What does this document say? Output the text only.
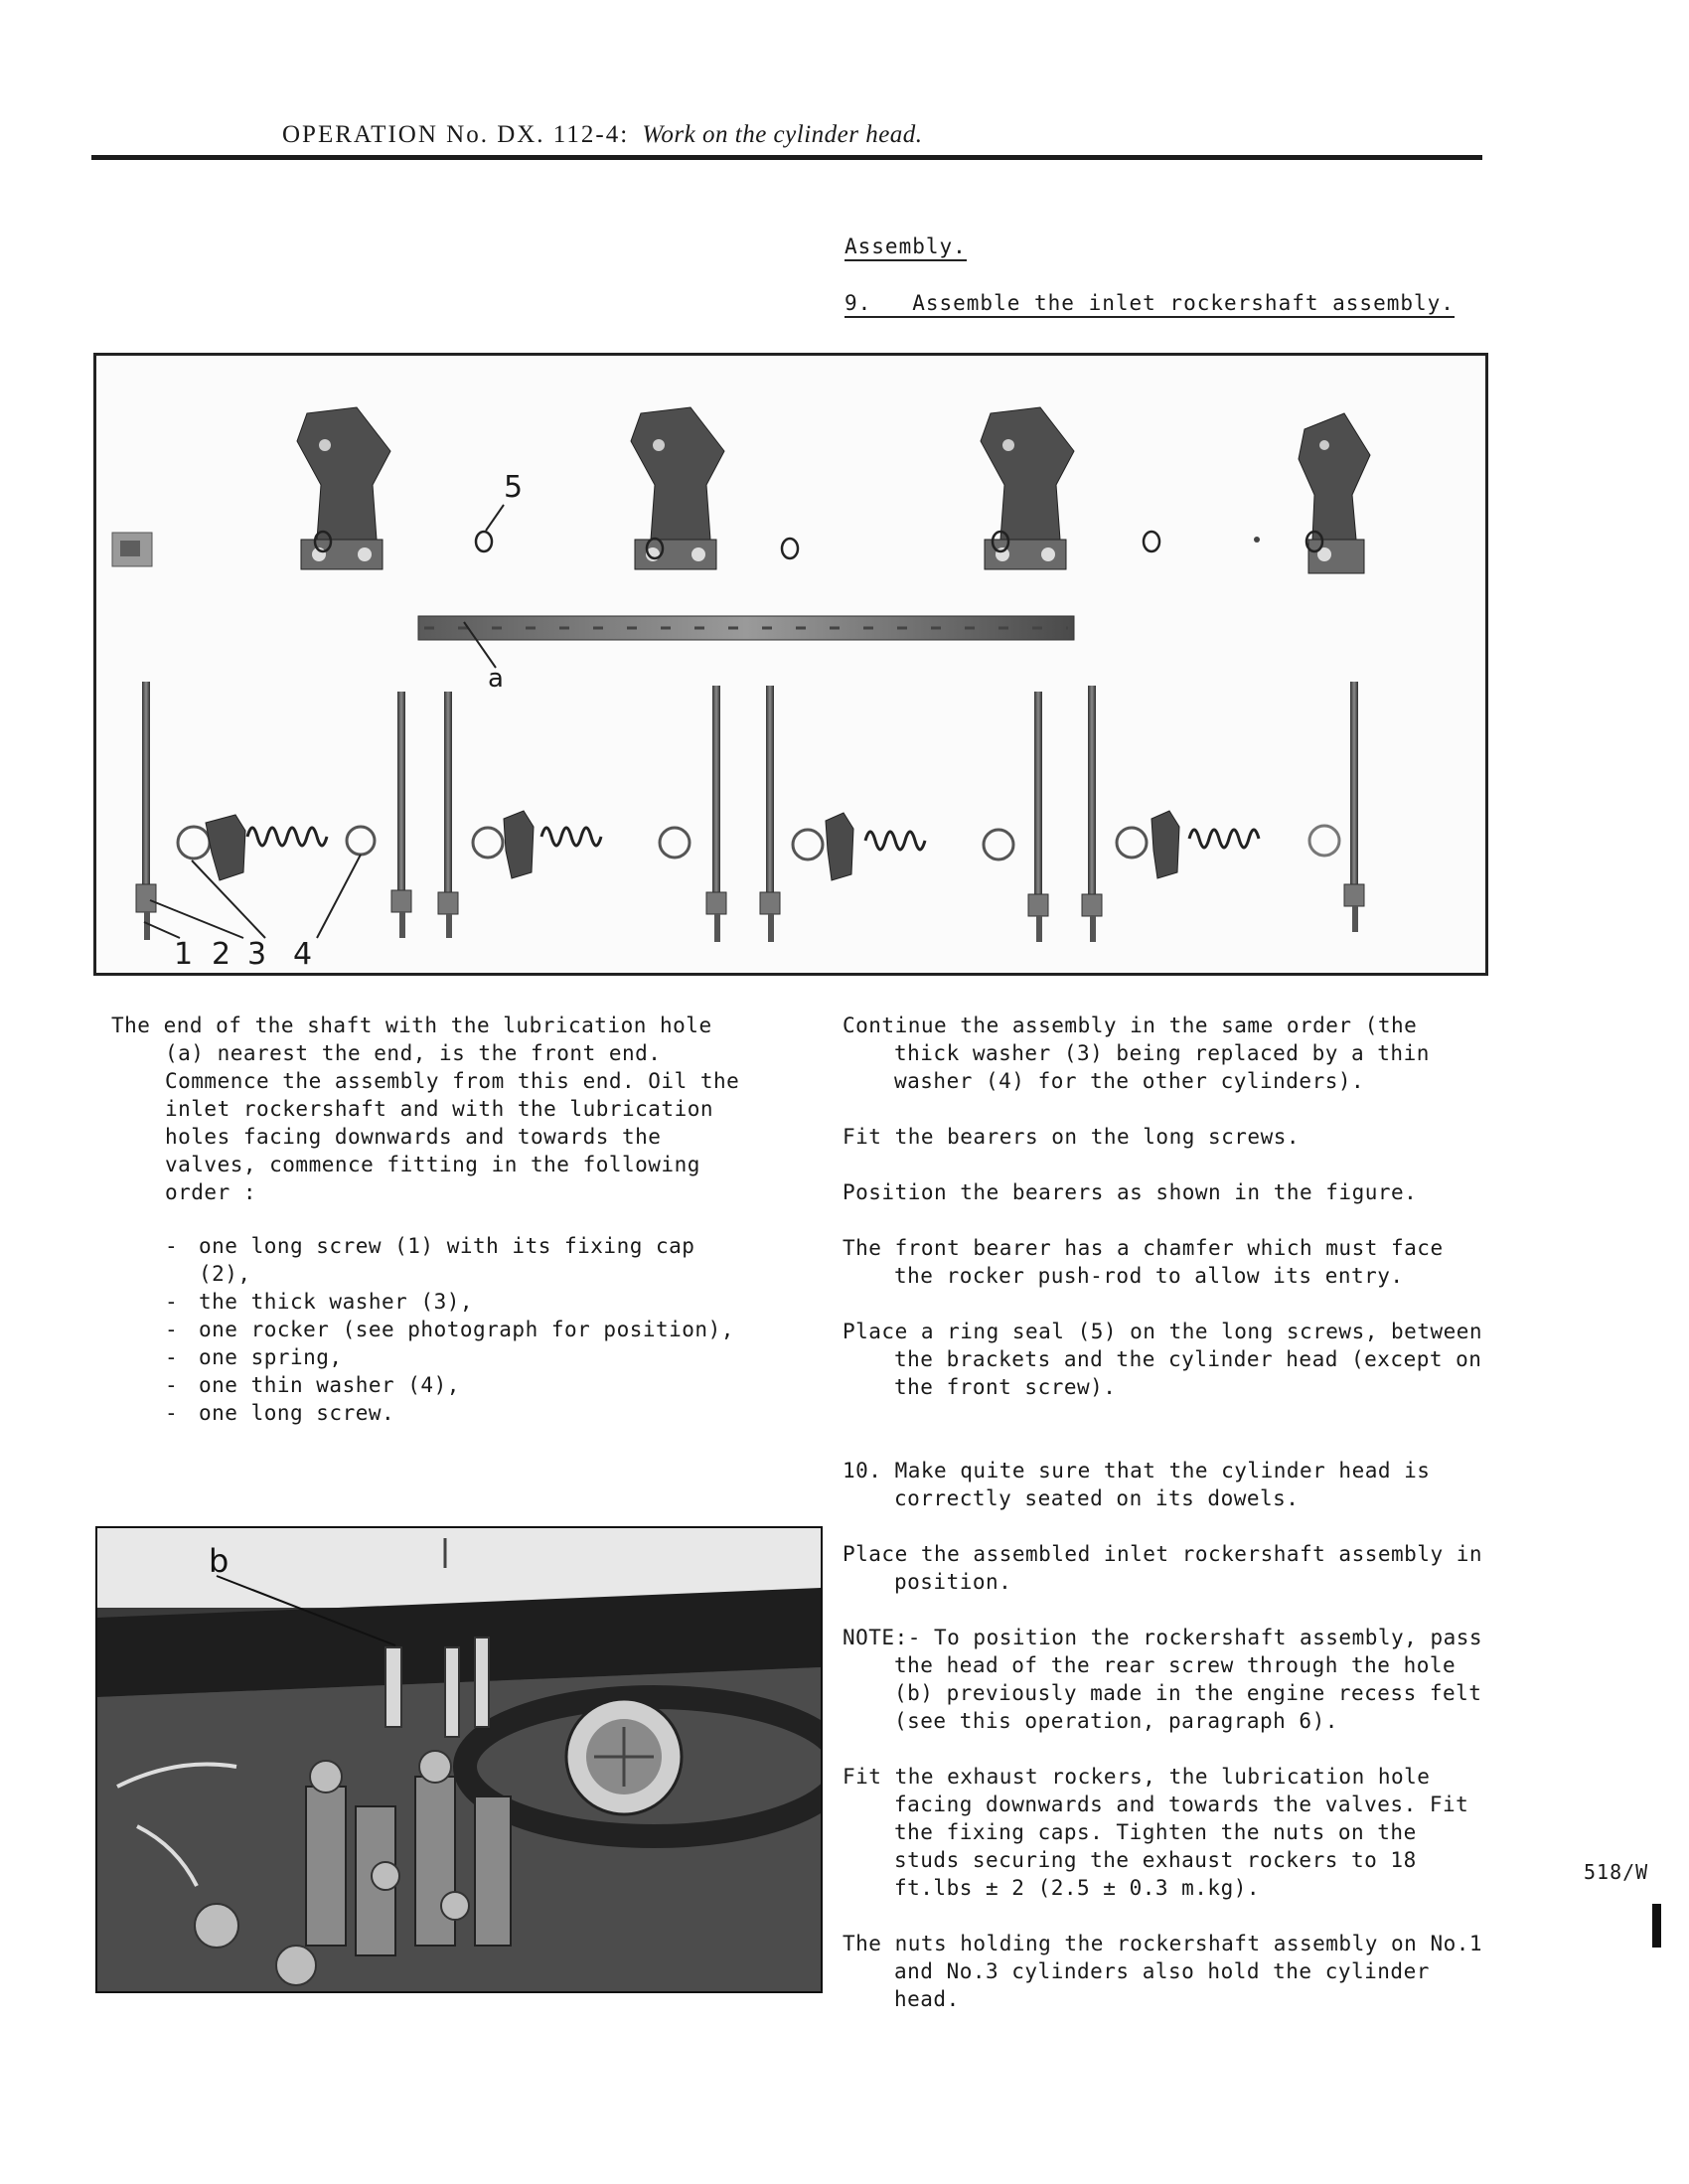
OPERATION No. DX. 112-4: Work on the cylinder head.
Assembly.
9.   Assemble the inlet rockershaft assembly.
5
a
1 2 3 4

The end of the shaft with the lubrication hole (a) nearest the end, is the front end. Commence the assembly from this end. Oil the inlet rockershaft and with the lubrication holes facing downwards and towards the valves, commence fitting in the following order :

- one long screw (1) with its fixing cap (2),
- the thick washer (3),
- one rocker (see photograph for position),
- one spring,
- one thin washer (4),
- one long screw.

Continue the assembly in the same order (the thick washer (3) being replaced by a thin washer (4) for the other cylinders).

Fit the bearers on the long screws.

Position the bearers as shown in the figure.

The front bearer has a chamfer which must face the rocker push-rod to allow its entry.

Place a ring seal (5) on the long screws, between the brackets and the cylinder head (except on the front screw).

10. Make quite sure that the cylinder head is correctly seated on its dowels.

Place the assembled inlet rockershaft assembly in position.

NOTE:- To position the rockershaft assembly, pass the head of the rear screw through the hole (b) previously made in the engine recess felt (see this operation, paragraph 6).

Fit the exhaust rockers, the lubrication hole facing downwards and towards the valves. Fit the fixing caps. Tighten the nuts on the studs securing the exhaust rockers to 18 ft.lbs ± 2 (2.5 ± 0.3 m.kg).

The nuts holding the rockershaft assembly on No.1 and No.3 cylinders also hold the cylinder head.

b
518/W
